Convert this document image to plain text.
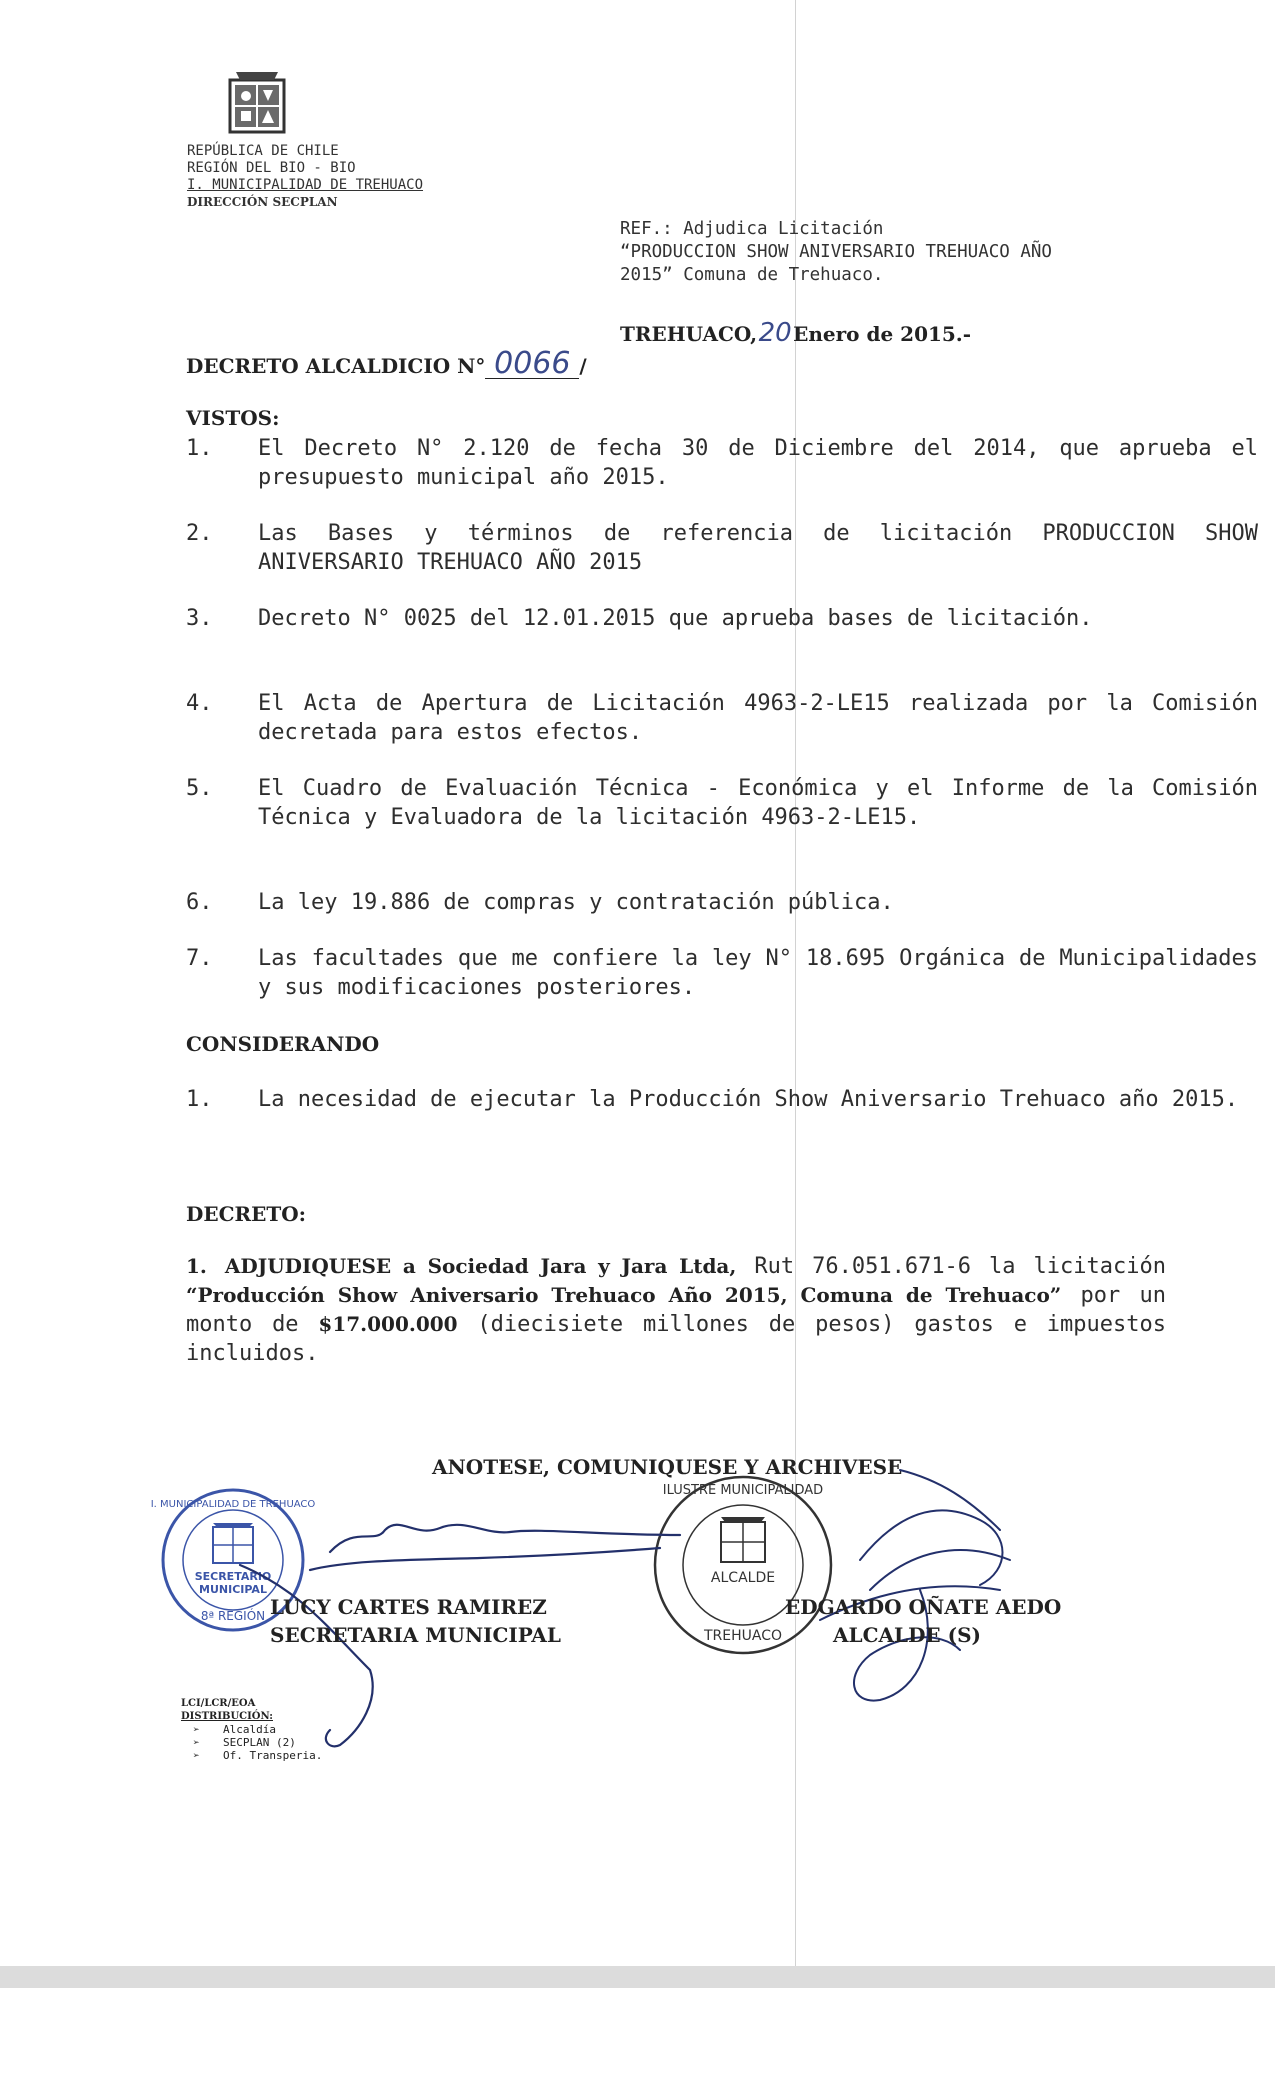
REPÚBLICA DE CHILE
REGIÓN DEL BIO - BIO
I. MUNICIPALIDAD DE TREHUACO
DIRECCIÓN SECPLAN
REF.: Adjudica Licitación
“PRODUCCION SHOW ANIVERSARIO TREHUACO AÑO
2015” Comuna de Trehuaco.
TREHUACO,20Enero de 2015.-
DECRETO ALCALDICIO N° 0066 /
VISTOS:
1.	El Decreto N° 2.120 de fecha 30 de Diciembre del 2014, que aprueba el presupuesto municipal año 2015.
2.	Las Bases y términos de referencia de licitación PRODUCCION SHOW ANIVERSARIO TREHUACO AÑO 2015
3.	Decreto N° 0025 del 12.01.2015 que aprueba bases de licitación.
4.	El Acta de Apertura de Licitación 4963-2-LE15 realizada por la Comisión decretada para estos efectos.
5.	El Cuadro de Evaluación Técnica - Económica y el Informe de la Comisión Técnica y Evaluadora de la licitación 4963-2-LE15.
6.	La ley 19.886 de compras y contratación pública.
7.	Las facultades que me confiere la ley N° 18.695 Orgánica de Municipalidades y sus modificaciones posteriores.
CONSIDERANDO
1.	La necesidad de ejecutar la Producción Show Aniversario Trehuaco año 2015.
DECRETO:
1. ADJUDIQUESE a Sociedad Jara y Jara Ltda, Rut 76.051.671-6 la licitación “Producción Show Aniversario Trehuaco Año 2015, Comuna de Trehuaco” por un monto de $17.000.000 (diecisiete millones de pesos) gastos e impuestos incluidos.
ANOTESE, COMUNIQUESE Y ARCHIVESE
SECRETARIO
MUNICIPAL
8ª REGIÓN
I. MUNICIPALIDAD DE TREHUACO
ALCALDE
ILUSTRE MUNICIPALIDAD
TREHUACO
LUCY CARTES RAMIREZ
SECRETARIA MUNICIPAL
EDGARDO OÑATE AEDO
ALCALDE (S)
LCI/LCR/EOA
DISTRIBUCIÓN:
➢ Alcaldía
➢ SECPLAN (2)
➢ Of. Transperia.
